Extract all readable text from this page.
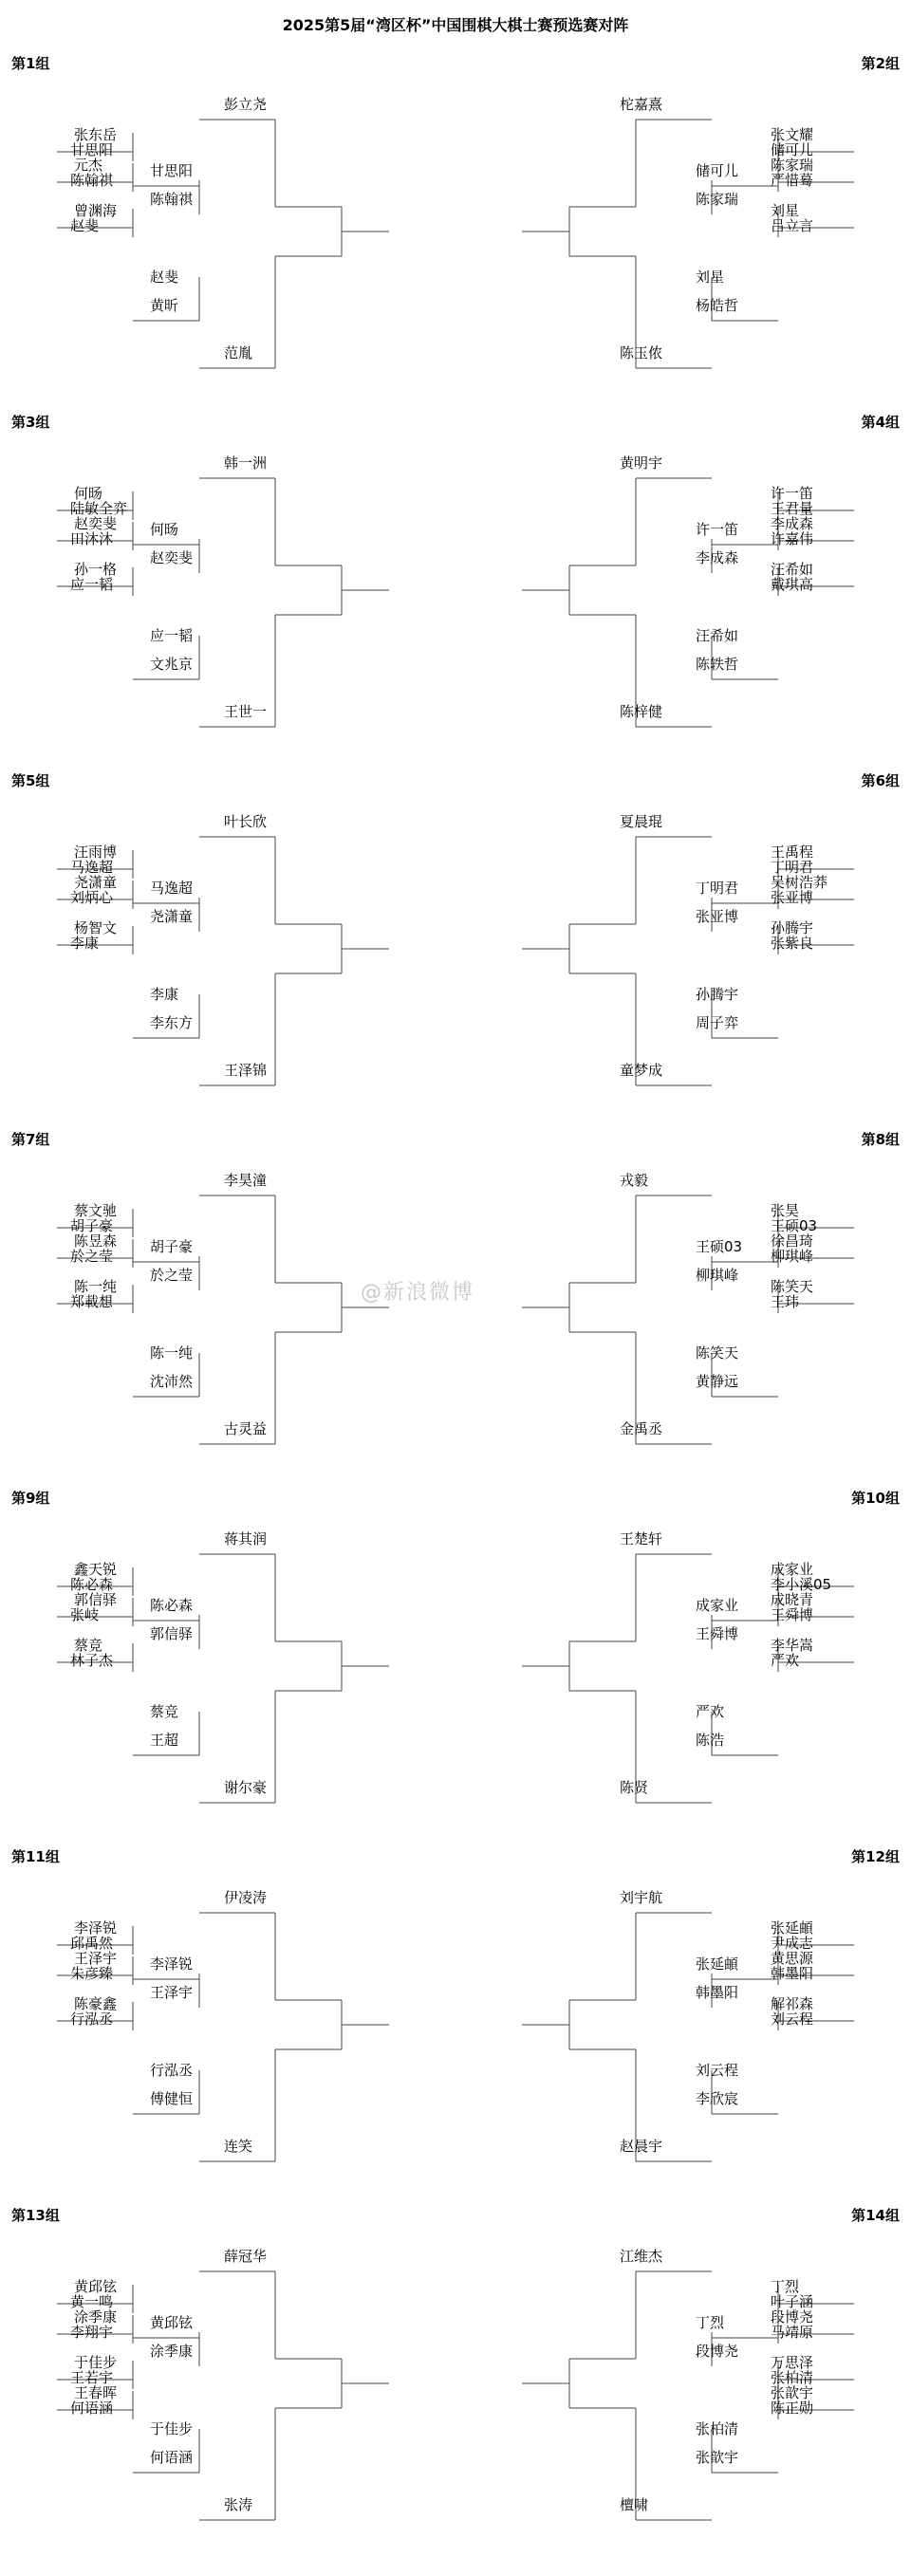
2025第5届“湾区杯”中国围棋大棋士赛预选赛对阵
第1组
张东岳
甘思阳
元杰
陈翰祺
曾渊海
赵斐
甘思阳
陈翰祺
赵斐
黄昕
彭立尧
范胤
第2组
张文耀
储可儿
陈家瑞
严惜蓦
刘星
吕立言
储可儿
陈家瑞
刘星
杨皓哲
柁嘉熹
陈玉侬
第3组
何旸
陆敏全弈
赵奕斐
田沐沐
孙一格
应一韬
何旸
赵奕斐
应一韬
文兆京
韩一洲
王世一
第4组
许一笛
王君量
李成森
许嘉伟
汪希如
戴琪高
许一笛
李成森
汪希如
陈轶哲
黄明宇
陈梓健
第5组
汪雨博
马逸超
尧潇童
刘炳心
杨智文
李康
马逸超
尧潇童
李康
李东方
叶长欣
王泽锦
第6组
王禹程
丁明君
吴树浩莽
张亚博
孙腾宇
张紫良
丁明君
张亚博
孙腾宇
周子弈
夏晨琨
童梦成
第7组
蔡文驰
胡子豪
陈昱森
於之莹
陈一纯
郑載想
胡子豪
於之莹
陈一纯
沈沛然
李昊潼
古灵益
第8组
张昊
王硕03
徐昌琦
柳琪峰
陈笑天
王玮
王硕03
柳琪峰
陈笑天
黄静远
戎毅
金禹丞
第9组
鑫天锐
陈必森
郭信驿
张岐
蔡竞
林子杰
陈必森
郭信驿
蔡竞
王超
蒋其润
谢尔豪
第10组
成家业
李小溪05
成晓青
王舜博
李华嵩
严欢
成家业
王舜博
严欢
陈浩
王楚轩
陈贤
第11组
李泽锐
邱禹然
王泽宇
朱彦臻
陈豪鑫
行泓丞
李泽锐
王泽宇
行泓丞
傅健恒
伊凌涛
连笑
第12组
张延頔
尹成志
黄思源
韩墨阳
解祁森
刘云程
张延頔
韩墨阳
刘云程
李欣宸
刘宇航
赵晨宇
第13组
黄邱铉
黄一鸣
涂季康
李翔宇
于佳步
王若宇
王春晖
何语涵
黄邱铉
涂季康
于佳步
何语涵
薛冠华
张涛
第14组
丁烈
叶子涵
段博尧
马靖原
万思泽
张柏清
张歆宇
陈正勋
丁烈
段博尧
张柏清
张歆宇
江维杰
檀啸
@新浪微博
